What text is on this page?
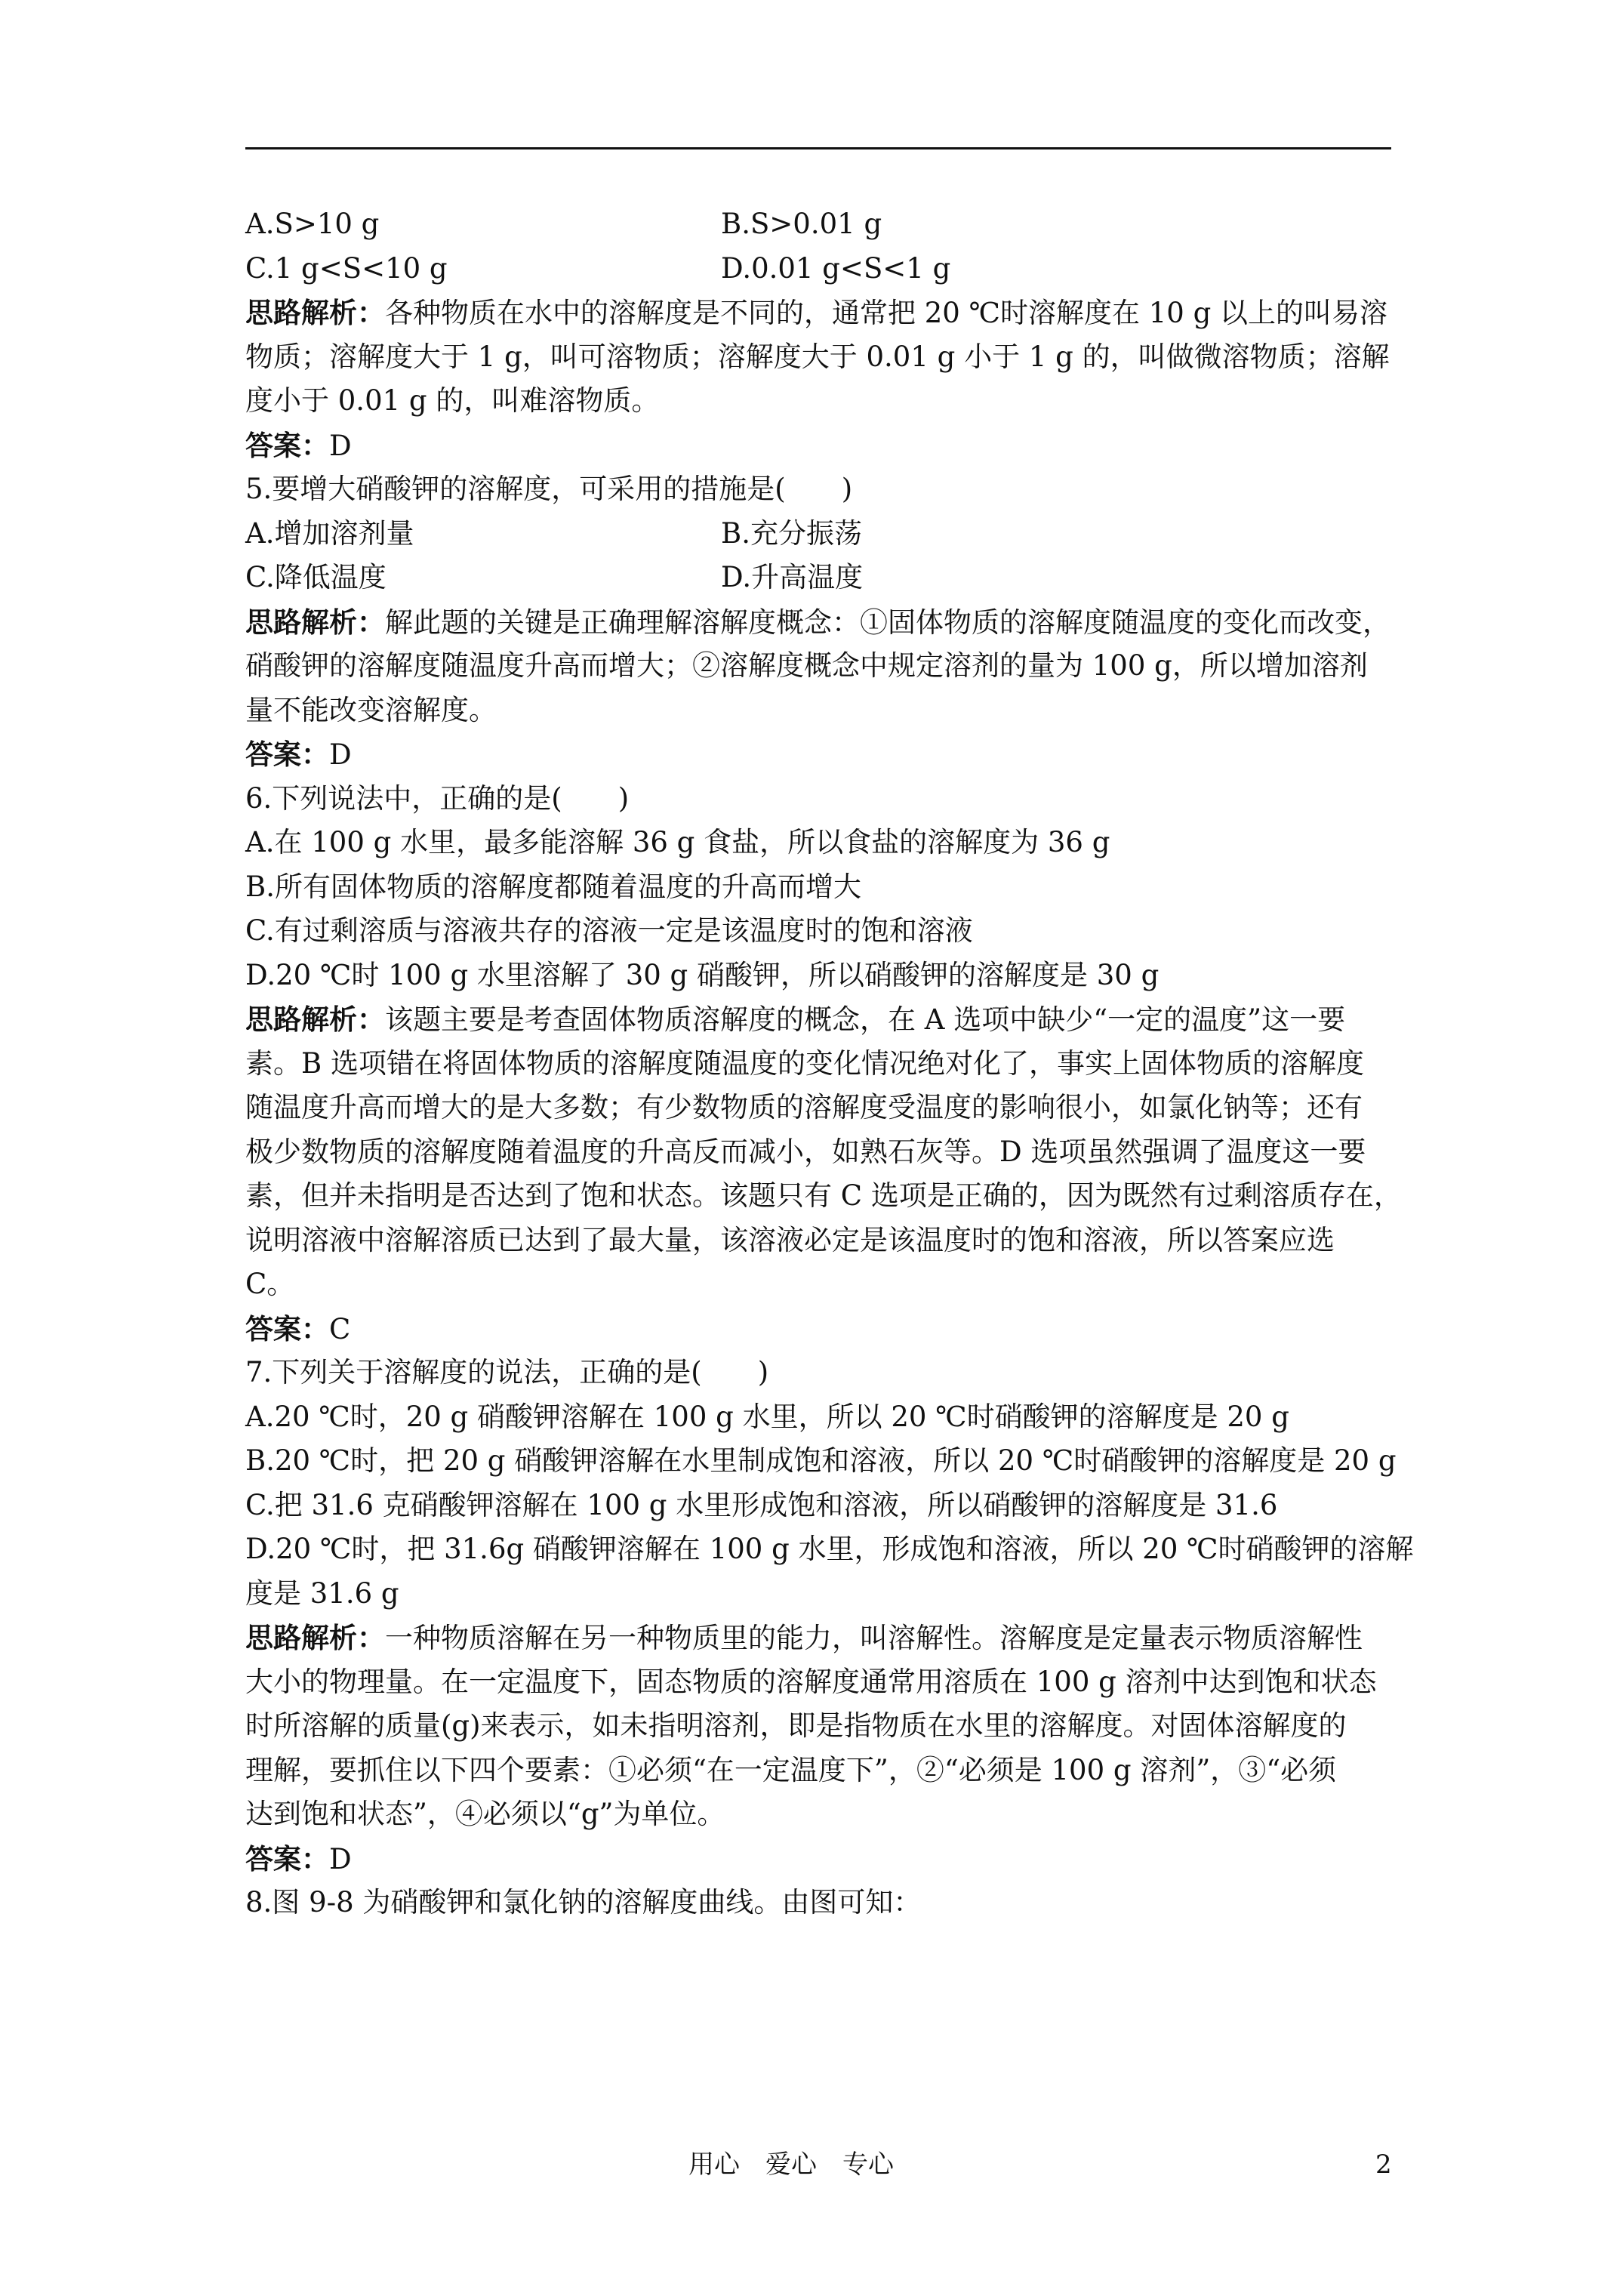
A.S>10 g	B.S>0.01 g
C.1 g<S<10 g	D.0.01 g<S<1 g
思路解析：各种物质在水中的溶解度是不同的，通常把 20 ℃时溶解度在 10 g 以上的叫易溶
物质；溶解度大于 1 g，叫可溶物质；溶解度大于 0.01 g 小于 1 g 的，叫做微溶物质；溶解
度小于 0.01 g 的，叫难溶物质。
答案：D
5.要增大硝酸钾的溶解度，可采用的措施是(　　)
A.增加溶剂量	B.充分振荡
C.降低温度	D.升高温度
思路解析：解此题的关键是正确理解溶解度概念：①固体物质的溶解度随温度的变化而改变，
硝酸钾的溶解度随温度升高而增大；②溶解度概念中规定溶剂的量为 100 g，所以增加溶剂
量不能改变溶解度。
答案：D
6.下列说法中，正确的是(　　)
A.在 100 g 水里，最多能溶解 36 g 食盐，所以食盐的溶解度为 36 g
B.所有固体物质的溶解度都随着温度的升高而增大
C.有过剩溶质与溶液共存的溶液一定是该温度时的饱和溶液
D.20 ℃时 100 g 水里溶解了 30 g 硝酸钾，所以硝酸钾的溶解度是 30 g
思路解析：该题主要是考查固体物质溶解度的概念，在 A 选项中缺少“一定的温度”这一要
素。B 选项错在将固体物质的溶解度随温度的变化情况绝对化了，事实上固体物质的溶解度
随温度升高而增大的是大多数；有少数物质的溶解度受温度的影响很小，如氯化钠等；还有
极少数物质的溶解度随着温度的升高反而减小，如熟石灰等。D 选项虽然强调了温度这一要
素，但并未指明是否达到了饱和状态。该题只有 C 选项是正确的，因为既然有过剩溶质存在，
说明溶液中溶解溶质已达到了最大量，该溶液必定是该温度时的饱和溶液，所以答案应选
C。
答案：C
7.下列关于溶解度的说法，正确的是(　　)
A.20 ℃时，20 g 硝酸钾溶解在 100 g 水里，所以 20 ℃时硝酸钾的溶解度是 20 g
B.20 ℃时，把 20 g 硝酸钾溶解在水里制成饱和溶液，所以 20 ℃时硝酸钾的溶解度是 20 g
C.把 31.6 克硝酸钾溶解在 100 g 水里形成饱和溶液，所以硝酸钾的溶解度是 31.6
D.20 ℃时，把 31.6g 硝酸钾溶解在 100 g 水里，形成饱和溶液，所以 20 ℃时硝酸钾的溶解
度是 31.6 g
思路解析：一种物质溶解在另一种物质里的能力，叫溶解性。溶解度是定量表示物质溶解性
大小的物理量。在一定温度下，固态物质的溶解度通常用溶质在 100 g 溶剂中达到饱和状态
时所溶解的质量(g)来表示，如未指明溶剂，即是指物质在水里的溶解度。对固体溶解度的
理解，要抓住以下四个要素：①必须“在一定温度下”，②“必须是 100 g 溶剂”，③“必须
达到饱和状态”，④必须以“g”为单位。
答案：D
8.图 9-8 为硝酸钾和氯化钠的溶解度曲线。由图可知：
用心　爱心　专心	2
